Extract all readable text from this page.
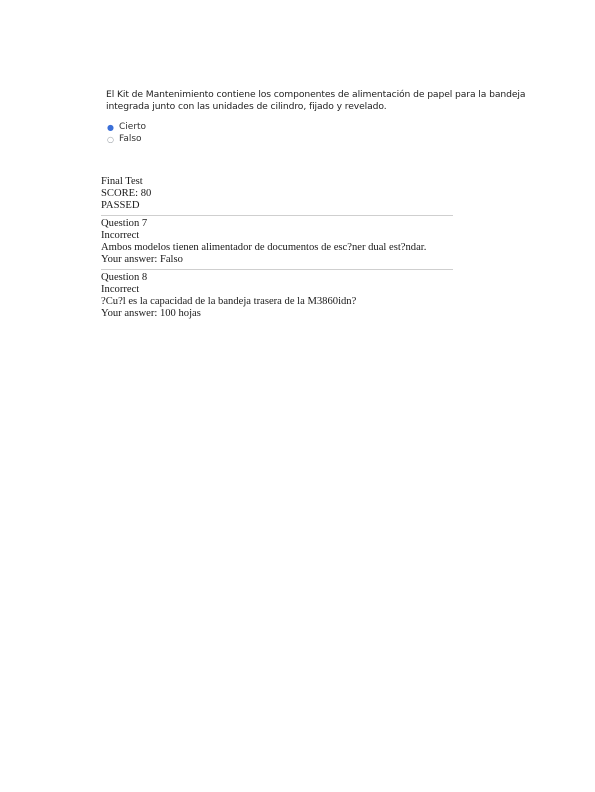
El Kit de Mantenimiento contiene los componentes de alimentación de papel para la bandeja integrada junto con las unidades de cilindro, fijado y revelado.

● Cierto
○ Falso
Final Test
SCORE: 80
PASSED
Question 7
Incorrect
Ambos modelos tienen alimentador de documentos de esc?ner dual est?ndar.
Your answer: Falso
Question 8
Incorrect
?Cu?l es la capacidad de la bandeja trasera de la M3860idn?
Your answer: 100 hojas
